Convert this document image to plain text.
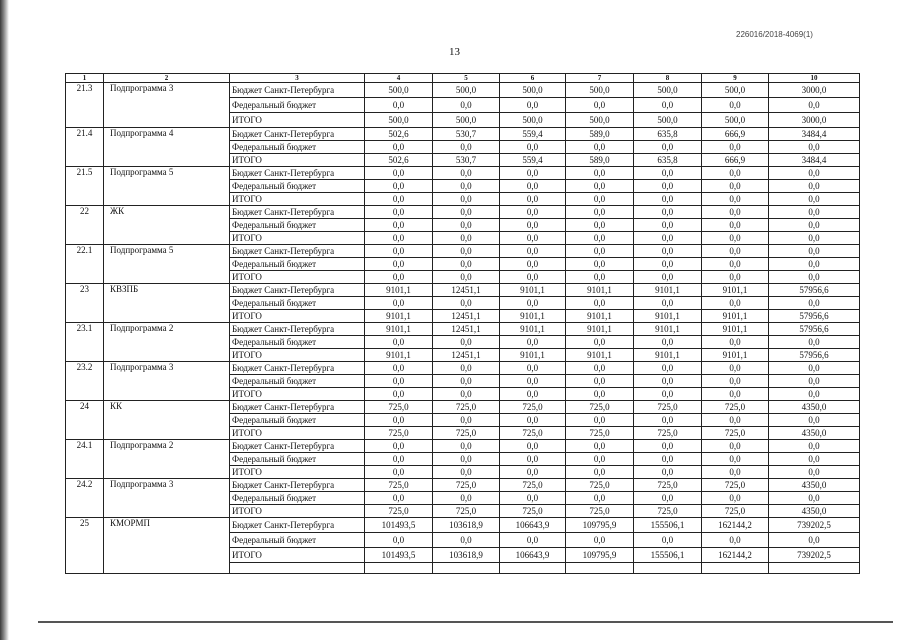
226016/2018-4069(1)
13
1	2	3	4	5	6	7	8	9	10
21.3	Подпрограмма 3	Бюджет Санкт-Петербурга	500,0	500,0	500,0	500,0	500,0	500,0	3000,0
		Федеральный бюджет	0,0	0,0	0,0	0,0	0,0	0,0	0,0
		ИТОГО	500,0	500,0	500,0	500,0	500,0	500,0	3000,0
21.4	Подпрограмма 4	Бюджет Санкт-Петербурга	502,6	530,7	559,4	589,0	635,8	666,9	3484,4
		Федеральный бюджет	0,0	0,0	0,0	0,0	0,0	0,0	0,0
		ИТОГО	502,6	530,7	559,4	589,0	635,8	666,9	3484,4
21.5	Подпрограмма 5	Бюджет Санкт-Петербурга	0,0	0,0	0,0	0,0	0,0	0,0	0,0
		Федеральный бюджет	0,0	0,0	0,0	0,0	0,0	0,0	0,0
		ИТОГО	0,0	0,0	0,0	0,0	0,0	0,0	0,0
22	ЖК	Бюджет Санкт-Петербурга	0,0	0,0	0,0	0,0	0,0	0,0	0,0
		Федеральный бюджет	0,0	0,0	0,0	0,0	0,0	0,0	0,0
		ИТОГО	0,0	0,0	0,0	0,0	0,0	0,0	0,0
22.1	Подпрограмма 5	Бюджет Санкт-Петербурга	0,0	0,0	0,0	0,0	0,0	0,0	0,0
		Федеральный бюджет	0,0	0,0	0,0	0,0	0,0	0,0	0,0
		ИТОГО	0,0	0,0	0,0	0,0	0,0	0,0	0,0
23	КВЗПБ	Бюджет Санкт-Петербурга	9101,1	12451,1	9101,1	9101,1	9101,1	9101,1	57956,6
		Федеральный бюджет	0,0	0,0	0,0	0,0	0,0	0,0	0,0
		ИТОГО	9101,1	12451,1	9101,1	9101,1	9101,1	9101,1	57956,6
23.1	Подпрограмма 2	Бюджет Санкт-Петербурга	9101,1	12451,1	9101,1	9101,1	9101,1	9101,1	57956,6
		Федеральный бюджет	0,0	0,0	0,0	0,0	0,0	0,0	0,0
		ИТОГО	9101,1	12451,1	9101,1	9101,1	9101,1	9101,1	57956,6
23.2	Подпрограмма 3	Бюджет Санкт-Петербурга	0,0	0,0	0,0	0,0	0,0	0,0	0,0
		Федеральный бюджет	0,0	0,0	0,0	0,0	0,0	0,0	0,0
		ИТОГО	0,0	0,0	0,0	0,0	0,0	0,0	0,0
24	КК	Бюджет Санкт-Петербурга	725,0	725,0	725,0	725,0	725,0	725,0	4350,0
		Федеральный бюджет	0,0	0,0	0,0	0,0	0,0	0,0	0,0
		ИТОГО	725,0	725,0	725,0	725,0	725,0	725,0	4350,0
24.1	Подпрограмма 2	Бюджет Санкт-Петербурга	0,0	0,0	0,0	0,0	0,0	0,0	0,0
		Федеральный бюджет	0,0	0,0	0,0	0,0	0,0	0,0	0,0
		ИТОГО	0,0	0,0	0,0	0,0	0,0	0,0	0,0
24.2	Подпрограмма 3	Бюджет Санкт-Петербурга	725,0	725,0	725,0	725,0	725,0	725,0	4350,0
		Федеральный бюджет	0,0	0,0	0,0	0,0	0,0	0,0	0,0
		ИТОГО	725,0	725,0	725,0	725,0	725,0	725,0	4350,0
25	КМОРМП	Бюджет Санкт-Петербурга	101493,5	103618,9	106643,9	109795,9	155506,1	162144,2	739202,5
		Федеральный бюджет	0,0	0,0	0,0	0,0	0,0	0,0	0,0
		ИТОГО	101493,5	103618,9	106643,9	109795,9	155506,1	162144,2	739202,5
